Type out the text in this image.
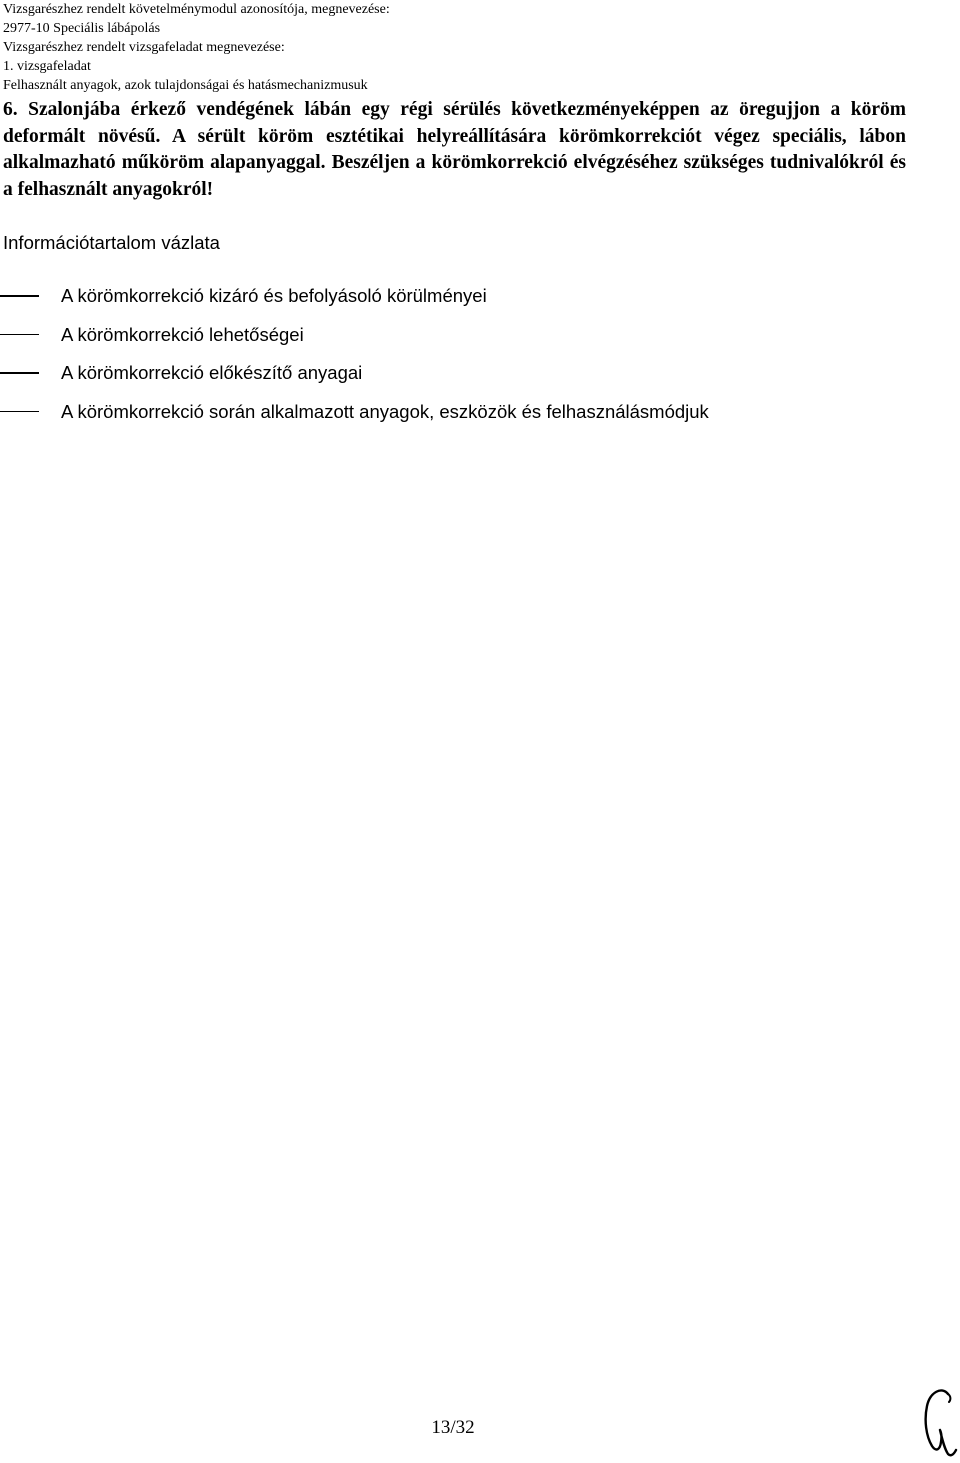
Vizsgarészhez rendelt követelménymodul azonosítója, megnevezése:
2977-10 Speciális lábápolás
Vizsgarészhez rendelt vizsgafeladat megnevezése:
1. vizsgafeladat
Felhasznált anyagok, azok tulajdonságai és hatásmechanizmusuk
6. Szalonjába érkező vendégének lábán egy régi sérülés következményeképpen az öregujjon a köröm deformált növésű. A sérült köröm esztétikai helyreállítására körömkorrekciót végez speciális, lábon alkalmazható műköröm alapanyaggal. Beszéljen a körömkorrekció elvégzéséhez szükséges tudnivalókról és a felhasznált anyagokról!
Információtartalom vázlata
A körömkorrekció kizáró és befolyásoló körülményei
A körömkorrekció lehetőségei
A körömkorrekció előkészítő anyagai
A körömkorrekció során alkalmazott anyagok, eszközök és felhasználásmódjuk
13/32
